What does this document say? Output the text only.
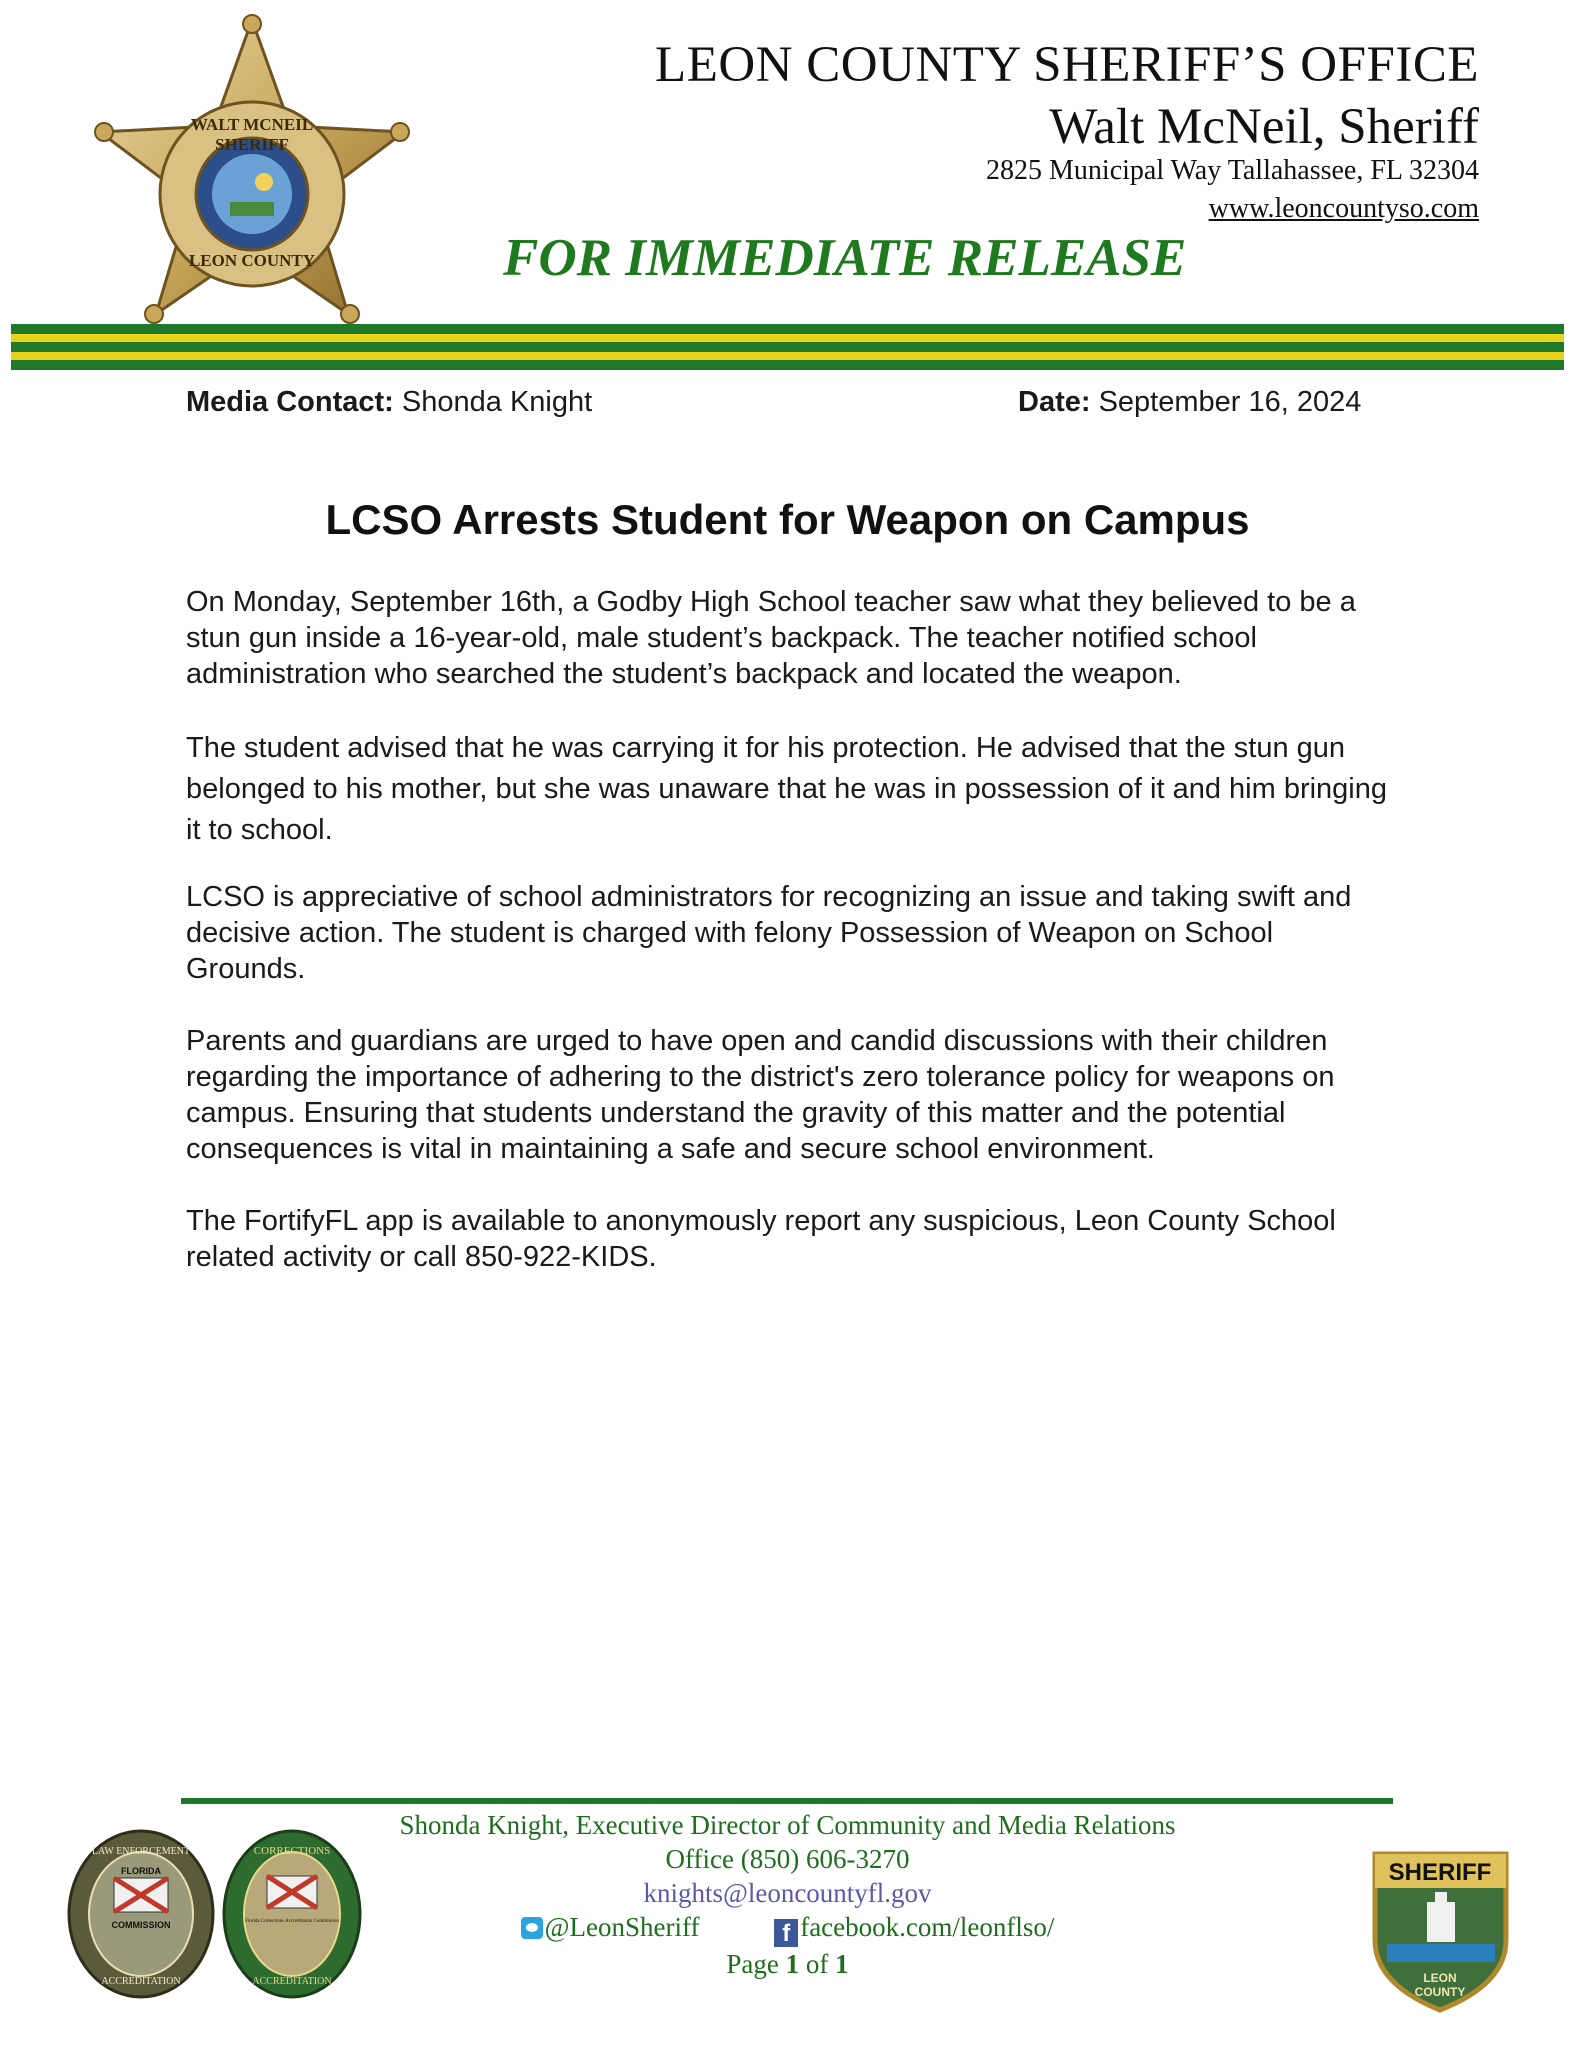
WALT MCNEIL
SHERIFF
LEON COUNTY
LEON COUNTY SHERIFF’S OFFICE
Walt McNeil, Sheriff
2825 Municipal Way Tallahassee, FL 32304
www.leoncountyso.com
FOR IMMEDIATE RELEASE
Media Contact: Shonda Knight	Date: September 16, 2024
LCSO Arrests Student for Weapon on Campus

On Monday, September 16th, a Godby High School teacher saw what they believed to be a stun gun inside a 16-year-old, male student’s backpack. The teacher notified school administration who searched the student’s backpack and located the weapon.

The student advised that he was carrying it for his protection. He advised that the stun gun belonged to his mother, but she was unaware that he was in possession of it and him bringing it to school.

LCSO is appreciative of school administrators for recognizing an issue and taking swift and decisive action. The student is charged with felony Possession of Weapon on School Grounds.

Parents and guardians are urged to have open and candid discussions with their children regarding the importance of adhering to the district's zero tolerance policy for weapons on campus. Ensuring that students understand the gravity of this matter and the potential consequences is vital in maintaining a safe and secure school environment.

The FortifyFL app is available to anonymously report any suspicious, Leon County School related activity or call 850-922-KIDS.

FLORIDA
COMMISSION
LAW ENFORCEMENT
ACCREDITATION
Florida Corrections Accreditation Commission
CORRECTIONS
ACCREDITATION
Shonda Knight, Executive Director of Community and Media Relations
Office (850) 606-3270
knights@leoncountyfl.gov
@LeonSheriff	f facebook.com/leonflso/
Page 1 of 1
SHERIFF
LEON
COUNTY
